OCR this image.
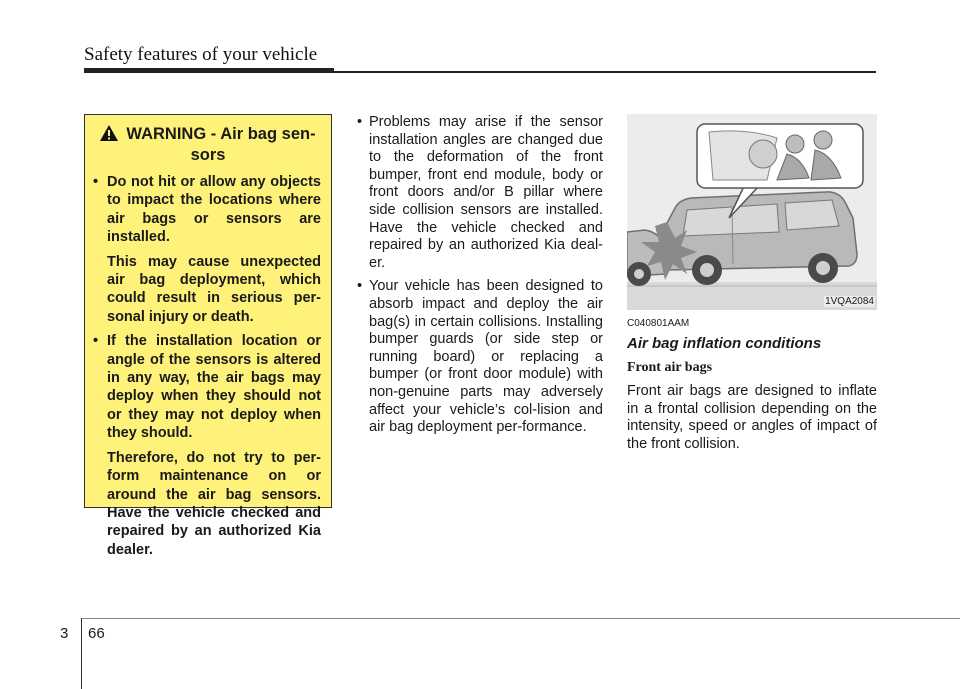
Safety features of your vehicle
WARNING - Air bag sen-
sors

• Do not hit or allow any objects to impact the locations where air bags or sensors are installed.

This may cause unexpected air bag deployment, which could result in serious per-sonal injury or death.

• If the installation location or angle of the sensors is altered in any way, the air bags may deploy when they should not or they may not deploy when they should.

Therefore, do not try to per-form maintenance on or around the air bag sensors. Have the vehicle checked and repaired by an authorized Kia dealer.

• Problems may arise if the sensor installation angles are changed due to the deformation of the front bumper, front end module, body or front doors and/or B pillar where side collision sensors are installed. Have the vehicle checked and repaired by an authorized Kia deal-er.
• Your vehicle has been designed to absorb impact and deploy the air bag(s) in certain collisions. Installing bumper guards (or side step or running board) or replacing a bumper (or front door module) with non-genuine parts may adversely affect your vehicle’s col-lision and air bag deployment per-formance.
1VQA2084
C040801AAM
Air bag inflation conditions
Front air bags
Front air bags are designed to inflate in a frontal collision depending on the intensity, speed or angles of impact of the front collision.
3 66
